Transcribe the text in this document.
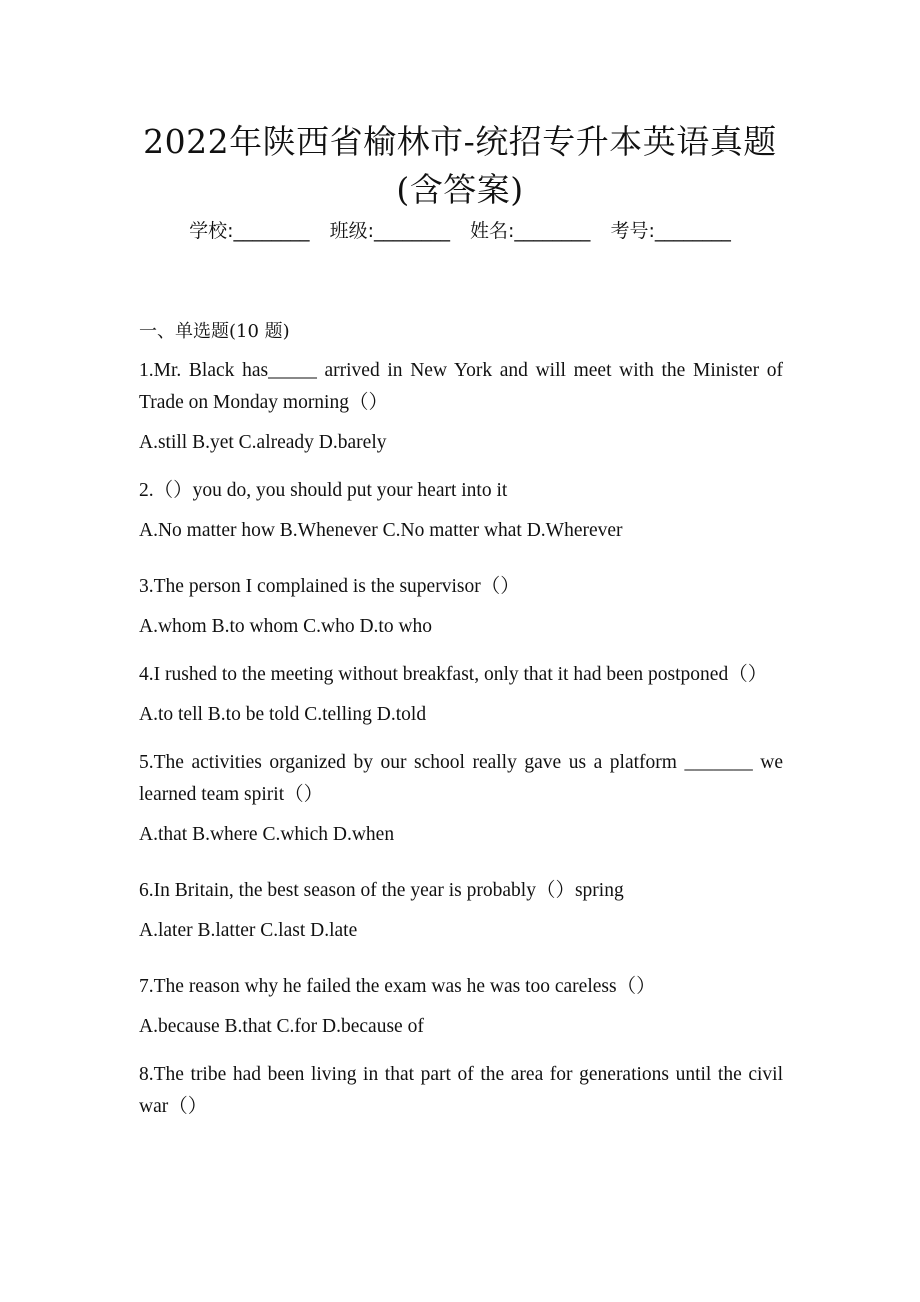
2022年陕西省榆林市-统招专升本英语真题
(含答案)
学校:________ 班级:________ 姓名:________ 考号:________
一、单选题(10 题)

1.Mr. Black has_____ arrived in New York and will meet with the Minister of Trade on Monday morning（）

A.still B.yet C.already D.barely

2.（）you do, you should put your heart into it

A.No matter how B.Whenever C.No matter what D.Wherever

3.The person I complained is the supervisor（）

A.whom B.to whom C.who D.to who

4.I rushed to the meeting without breakfast, only that it had been postponed（）

A.to tell B.to be told C.telling D.told

5.The activities organized by our school really gave us a platform _______ we learned team spirit（）

A.that B.where C.which D.when

6.In Britain, the best season of the year is probably（）spring

A.later B.latter C.last D.late

7.The reason why he failed the exam was he was too careless（）

A.because B.that C.for D.because of

8.The tribe had been living in that part of the area for generations until the civil war（）
